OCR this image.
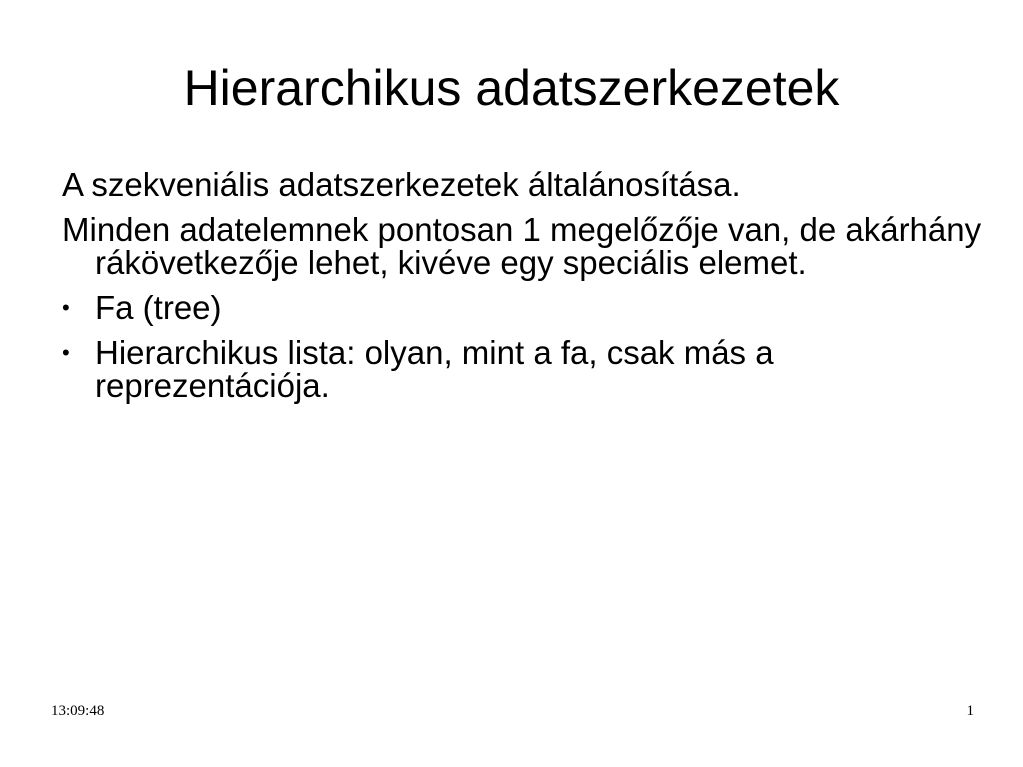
Hierarchikus adatszerkezetek
A szekveniális adatszerkezetek általánosítása.
Minden adatelemnek pontosan 1 megelőzője van, de akárhány rákövetkezője lehet, kivéve egy speciális elemet.
• Fa (tree)
• Hierarchikus lista: olyan, mint a fa, csak más a reprezentációja.
13:09:48	1
